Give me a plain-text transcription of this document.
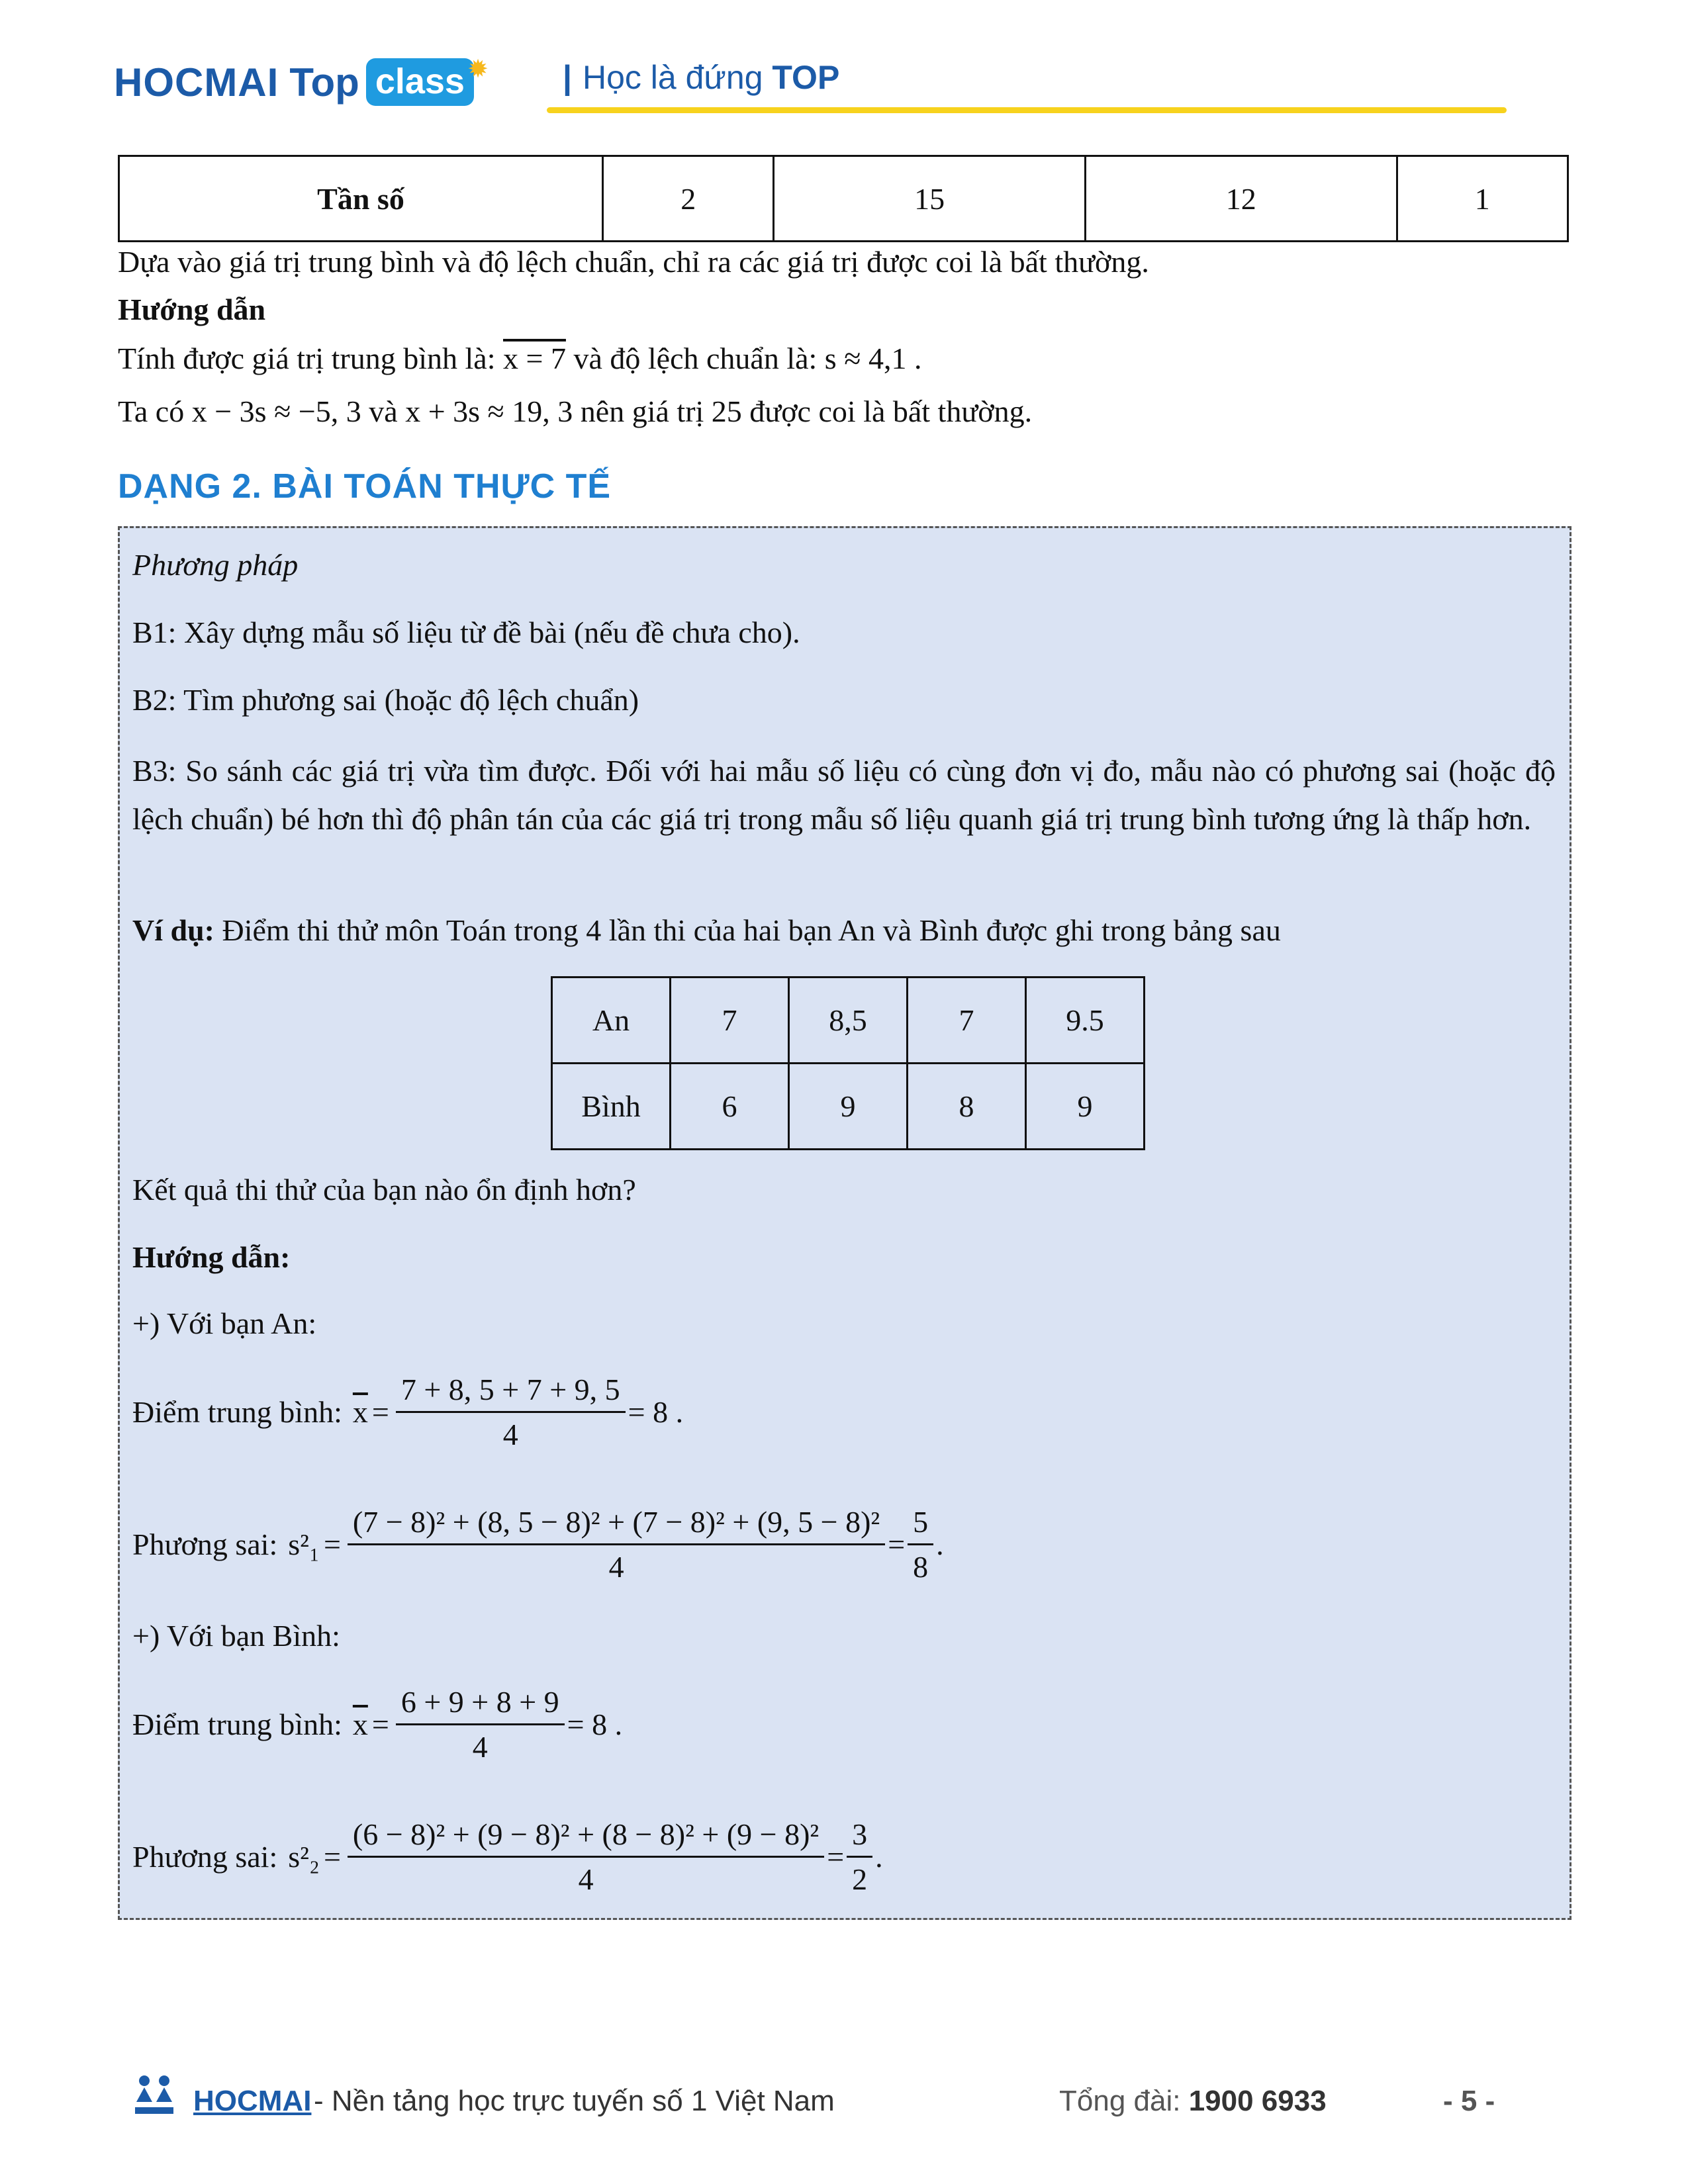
HOCMAI Top class ✹ | Học là đứng TOP
Tần số	2	15	12	1
Dựa vào giá trị trung bình và độ lệch chuẩn, chỉ ra các giá trị được coi là bất thường.
Hướng dẫn
Tính được giá trị trung bình là: x = 7 và độ lệch chuẩn là: s ≈ 4,1 .
Ta có x − 3s ≈ −5, 3 và x + 3s ≈ 19, 3 nên giá trị 25 được coi là bất thường.
DẠNG 2. BÀI TOÁN THỰC TẾ
Phương pháp
B1: Xây dựng mẫu số liệu từ đề bài (nếu đề chưa cho).
B2: Tìm phương sai (hoặc độ lệch chuẩn)
B3: So sánh các giá trị vừa tìm được. Đối với hai mẫu số liệu có cùng đơn vị đo, mẫu nào có phương sai (hoặc độ lệch chuẩn) bé hơn thì độ phân tán của các giá trị trong mẫu số liệu quanh giá trị trung bình tương ứng là thấp hơn.
Ví dụ: Điểm thi thử môn Toán trong 4 lần thi của hai bạn An và Bình được ghi trong bảng sau
An	7	8,5	7	9.5
Bình	6	9	8	9
Kết quả thi thử của bạn nào ổn định hơn?
Hướng dẫn:
+) Với bạn An:
Điểm trung bình: $\overline{x} = \frac{7 + 8, 5 + 7 + 9, 5}{4} = 8$ .
Phương sai: $s^2_1 = \frac{\text{(7 − 8)² + (8, 5 − 8)² + (7 − 8)² + (9, 5 − 8)²}}{4} = \frac{5}{8}$ .
+) Với bạn Bình:
Điểm trung bình: $\overline{x} = \frac{6 + 9 + 8 + 9}{4} = 8$ .
Phương sai: $s^2_2 = \frac{\text{(6 − 8)² + (9 − 8)² + (8 − 8)² + (9 − 8)²}}{4} = \frac{3}{2}$ .
HOCMAI - Nền tảng học trực tuyến số 1 Việt Nam	Tổng đài: 1900 6933	- 5 -
